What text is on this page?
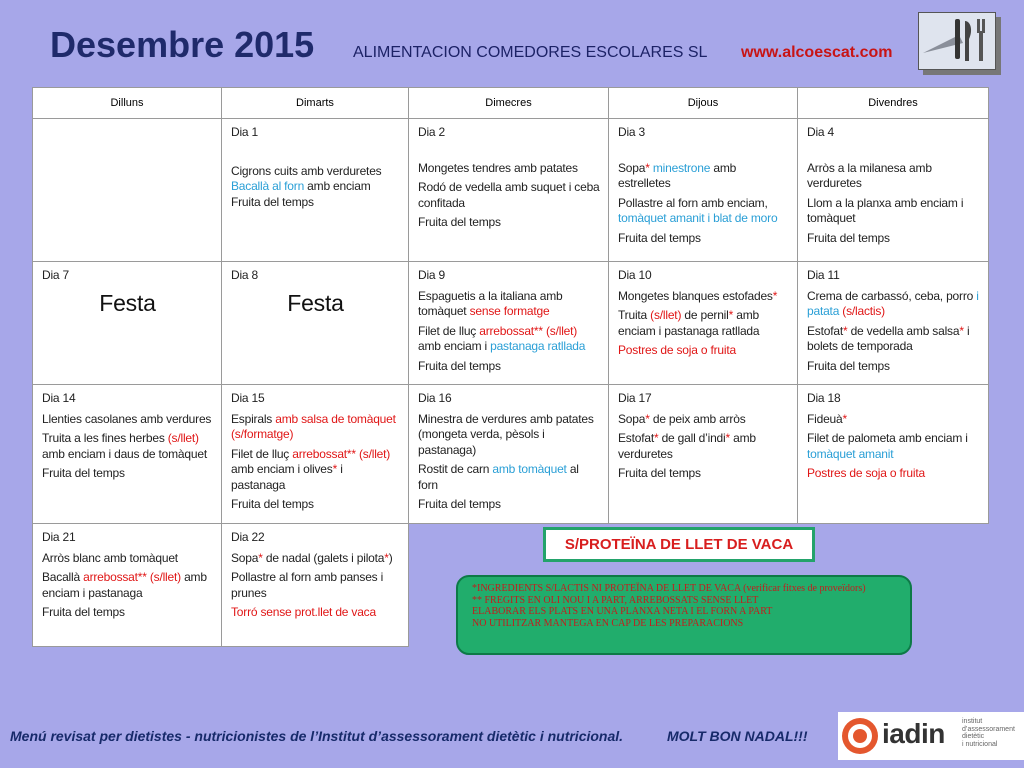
Desembre 2015 ALIMENTACION COMEDORES ESCOLARES SL www.alcoescat.com
Dilluns	Dimarts	Dimecres	Dijous	Divendres

	Dia 1
Cigrons cuits amb verduretes
Bacallà al forn amb enciam
Fruita del temps	Dia 2
Mongetes tendres amb patates
Rodó de vedella amb suquet i ceba confitada
Fruita del temps	Dia 3
Sopa* minestrone amb estrelletes
Pollastre al forn amb enciam, tomàquet amanit i blat de moro
Fruita del temps	Dia 4
Arròs a la milanesa amb verduretes
Llom a la planxa amb enciam i tomàquet
Fruita del temps

Dia 7
Festa	Dia 8
Festa	Dia 9
Espaguetis a la italiana amb tomàquet sense formatge
Filet de lluç arrebossat** (s/llet) amb enciam i pastanaga ratllada
Fruita del temps	Dia 10
Mongetes blanques estofades*
Truita (s/llet) de pernil* amb enciam i pastanaga ratllada
Postres de soja o fruita	Dia 11
Crema de carbassó, ceba, porro i patata (s/lactis)
Estofat* de vedella amb salsa* i bolets de temporada
Fruita del temps

Dia 14
Llenties casolanes amb verdures
Truita a les fines herbes (s/llet) amb enciam i daus de tomàquet
Fruita del temps	Dia 15
Espirals amb salsa de tomàquet (s/formatge)
Filet de lluç arrebossat** (s/llet) amb enciam i olives* i pastanaga
Fruita del temps	Dia 16
Minestra de verdures amb patates (mongeta verda, pèsols i pastanaga)
Rostit de carn amb tomàquet al forn
Fruita del temps	Dia 17
Sopa* de peix amb arròs
Estofat* de gall d’indi* amb verduretes
Fruita del temps	Dia 18
Fideuà*
Filet de palometa amb enciam i tomàquet amanit
Postres de soja o fruita

Dia 21
Arròs blanc amb tomàquet
Bacallà arrebossat** (s/llet) amb enciam i pastanaga
Fruita del temps	Dia 22
Sopa* de nadal (galets i pilota*)
Pollastre al forn amb panses i prunes
Torró sense prot.llet de vaca			

S/PROTEÏNA DE LLET DE VACA
*INGREDIENTS S/LACTIS NI PROTEÏNA DE LLET DE VACA (verificar fitxes de proveïdors)
** FREGITS EN OLI NOU I A PART, ARREBOSSATS SENSE LLET
ELABORAR ELS PLATS EN UNA PLANXA NETA I EL FORN A PART
NO UTILITZAR MANTEGA EN CAP DE LES PREPARACIONS
Menú revisat per dietistes - nutricionistes de l’Institut d’assessorament dietètic i nutricional.	MOLT BON NADAL!!!	iadin institut
d’assessorament
dietètic
i nutricional
